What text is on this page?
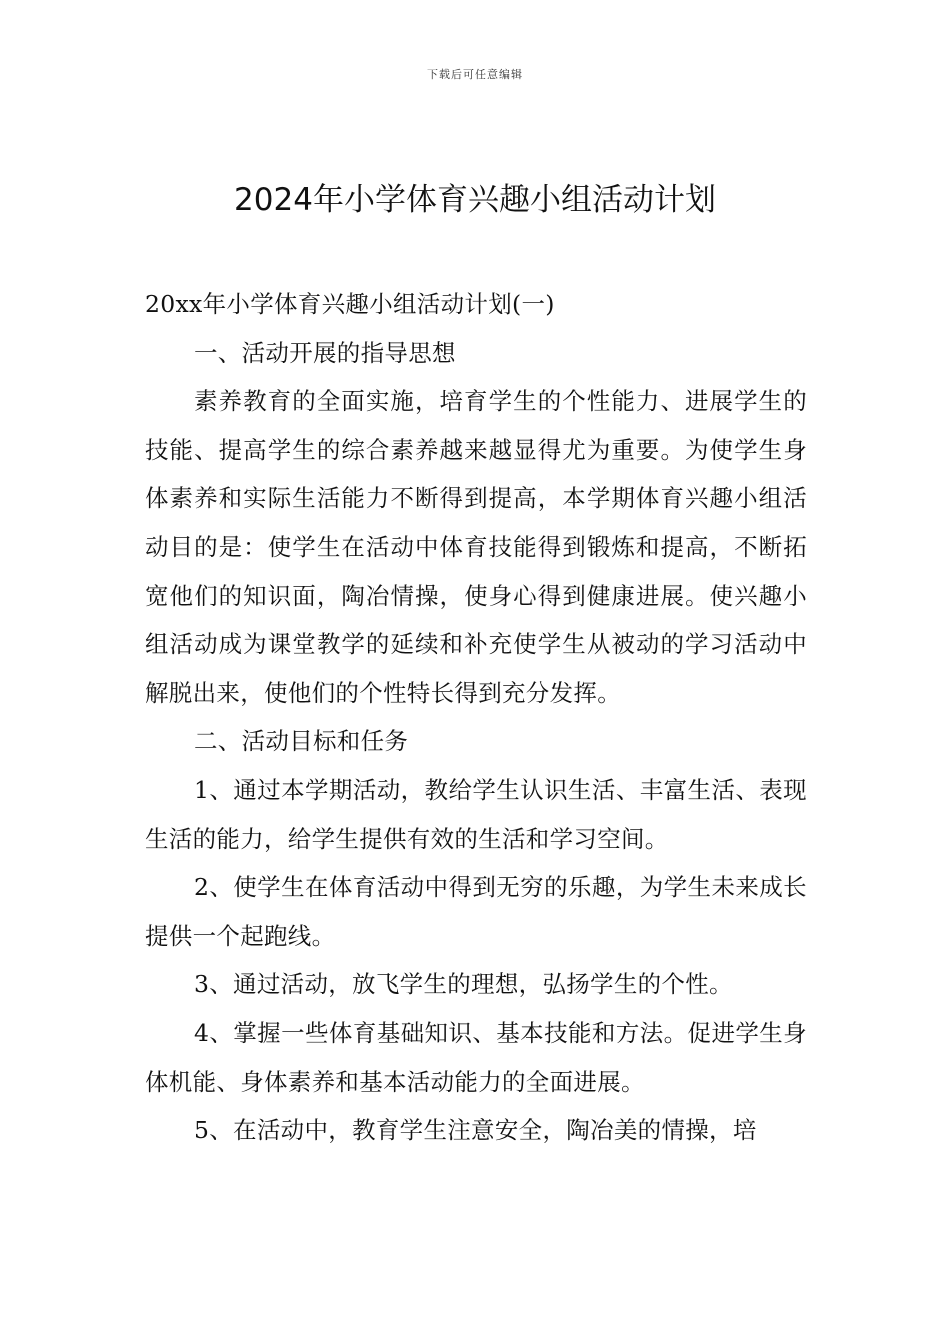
下载后可任意编辑
2024年小学体育兴趣小组活动计划

20xx年小学体育兴趣小组活动计划(一)

一、活动开展的指导思想

素养教育的全面实施，培育学生的个性能力、进展学生的技能、提高学生的综合素养越来越显得尤为重要。为使学生身体素养和实际生活能力不断得到提高，本学期体育兴趣小组活动目的是：使学生在活动中体育技能得到锻炼和提高，不断拓宽他们的知识面，陶冶情操，使身心得到健康进展。使兴趣小组活动成为课堂教学的延续和补充使学生从被动的学习活动中解脱出来，使他们的个性特长得到充分发挥。

二、活动目标和任务

1、通过本学期活动，教给学生认识生活、丰富生活、表现生活的能力，给学生提供有效的生活和学习空间。

2、使学生在体育活动中得到无穷的乐趣，为学生未来成长提供一个起跑线。

3、通过活动，放飞学生的理想，弘扬学生的个性。

4、掌握一些体育基础知识、基本技能和方法。促进学生身体机能、身体素养和基本活动能力的全面进展。

5、在活动中，教育学生注意安全，陶冶美的情操，培
